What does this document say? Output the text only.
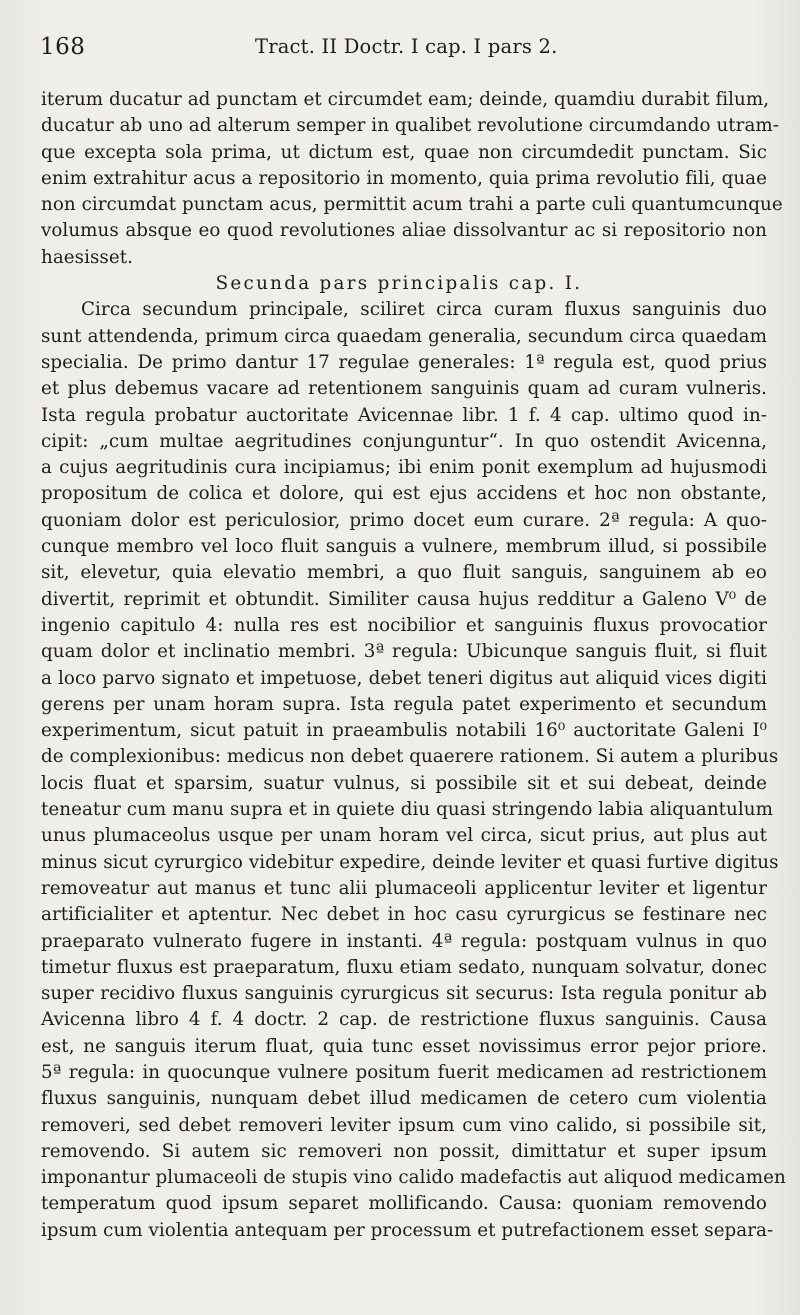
168	Tract. II Doctr. I cap. I pars 2.
iterum ducatur ad punctam et circumdet eam; deinde, quamdiu durabit filum,
ducatur ab uno ad alterum semper in qualibet revolutione circumdando utram-
que excepta sola prima, ut dictum est, quae non circumdedit punctam. Sic
enim extrahitur acus a repositorio in momento, quia prima revolutio fili, quae
non circumdat punctam acus, permittit acum trahi a parte culi quantumcunque
volumus absque eo quod revolutiones aliae dissolvantur ac si repositorio non
haesisset.
Secunda pars principalis cap. I.
Circa secundum principale, sciliret circa curam fluxus sanguinis duo
sunt attendenda, primum circa quaedam generalia, secundum circa quaedam
specialia. De primo dantur 17 regulae generales: 1ª regula est, quod prius
et plus debemus vacare ad retentionem sanguinis quam ad curam vulneris.
Ista regula probatur auctoritate Avicennae libr. 1 f. 4 cap. ultimo quod in-
cipit: „cum multae aegritudines conjunguntur“. In quo ostendit Avicenna,
a cujus aegritudinis cura incipiamus; ibi enim ponit exemplum ad hujusmodi
propositum de colica et dolore, qui est ejus accidens et hoc non obstante,
quoniam dolor est periculosior, primo docet eum curare. 2ª regula: A quo-
cunque membro vel loco fluit sanguis a vulnere, membrum illud, si possibile
sit, elevetur, quia elevatio membri, a quo fluit sanguis, sanguinem ab eo
divertit, reprimit et obtundit. Similiter causa hujus redditur a Galeno V⁰ de
ingenio capitulo 4: nulla res est nocibilior et sanguinis fluxus provocatior
quam dolor et inclinatio membri. 3ª regula: Ubicunque sanguis fluit, si fluit
a loco parvo signato et impetuose, debet teneri digitus aut aliquid vices digiti
gerens per unam horam supra. Ista regula patet experimento et secundum
experimentum, sicut patuit in praeambulis notabili 16⁰ auctoritate Galeni I⁰
de complexionibus: medicus non debet quaerere rationem. Si autem a pluribus
locis fluat et sparsim, suatur vulnus, si possibile sit et sui debeat, deinde
teneatur cum manu supra et in quiete diu quasi stringendo labia aliquantulum
unus plumaceolus usque per unam horam vel circa, sicut prius, aut plus aut
minus sicut cyrurgico videbitur expedire, deinde leviter et quasi furtive digitus
removeatur aut manus et tunc alii plumaceoli applicentur leviter et ligentur
artificialiter et aptentur. Nec debet in hoc casu cyrurgicus se festinare nec
praeparato vulnerato fugere in instanti. 4ª regula: postquam vulnus in quo
timetur fluxus est praeparatum, fluxu etiam sedato, nunquam solvatur, donec
super recidivo fluxus sanguinis cyrurgicus sit securus: Ista regula ponitur ab
Avicenna libro 4 f. 4 doctr. 2 cap. de restrictione fluxus sanguinis. Causa
est, ne sanguis iterum fluat, quia tunc esset novissimus error pejor priore.
5ª regula: in quocunque vulnere positum fuerit medicamen ad restrictionem
fluxus sanguinis, nunquam debet illud medicamen de cetero cum violentia
removeri, sed debet removeri leviter ipsum cum vino calido, si possibile sit,
removendo. Si autem sic removeri non possit, dimittatur et super ipsum
imponantur plumaceoli de stupis vino calido madefactis aut aliquod medicamen
temperatum quod ipsum separet mollificando. Causa: quoniam removendo
ipsum cum violentia antequam per processum et putrefactionem esset separa-
